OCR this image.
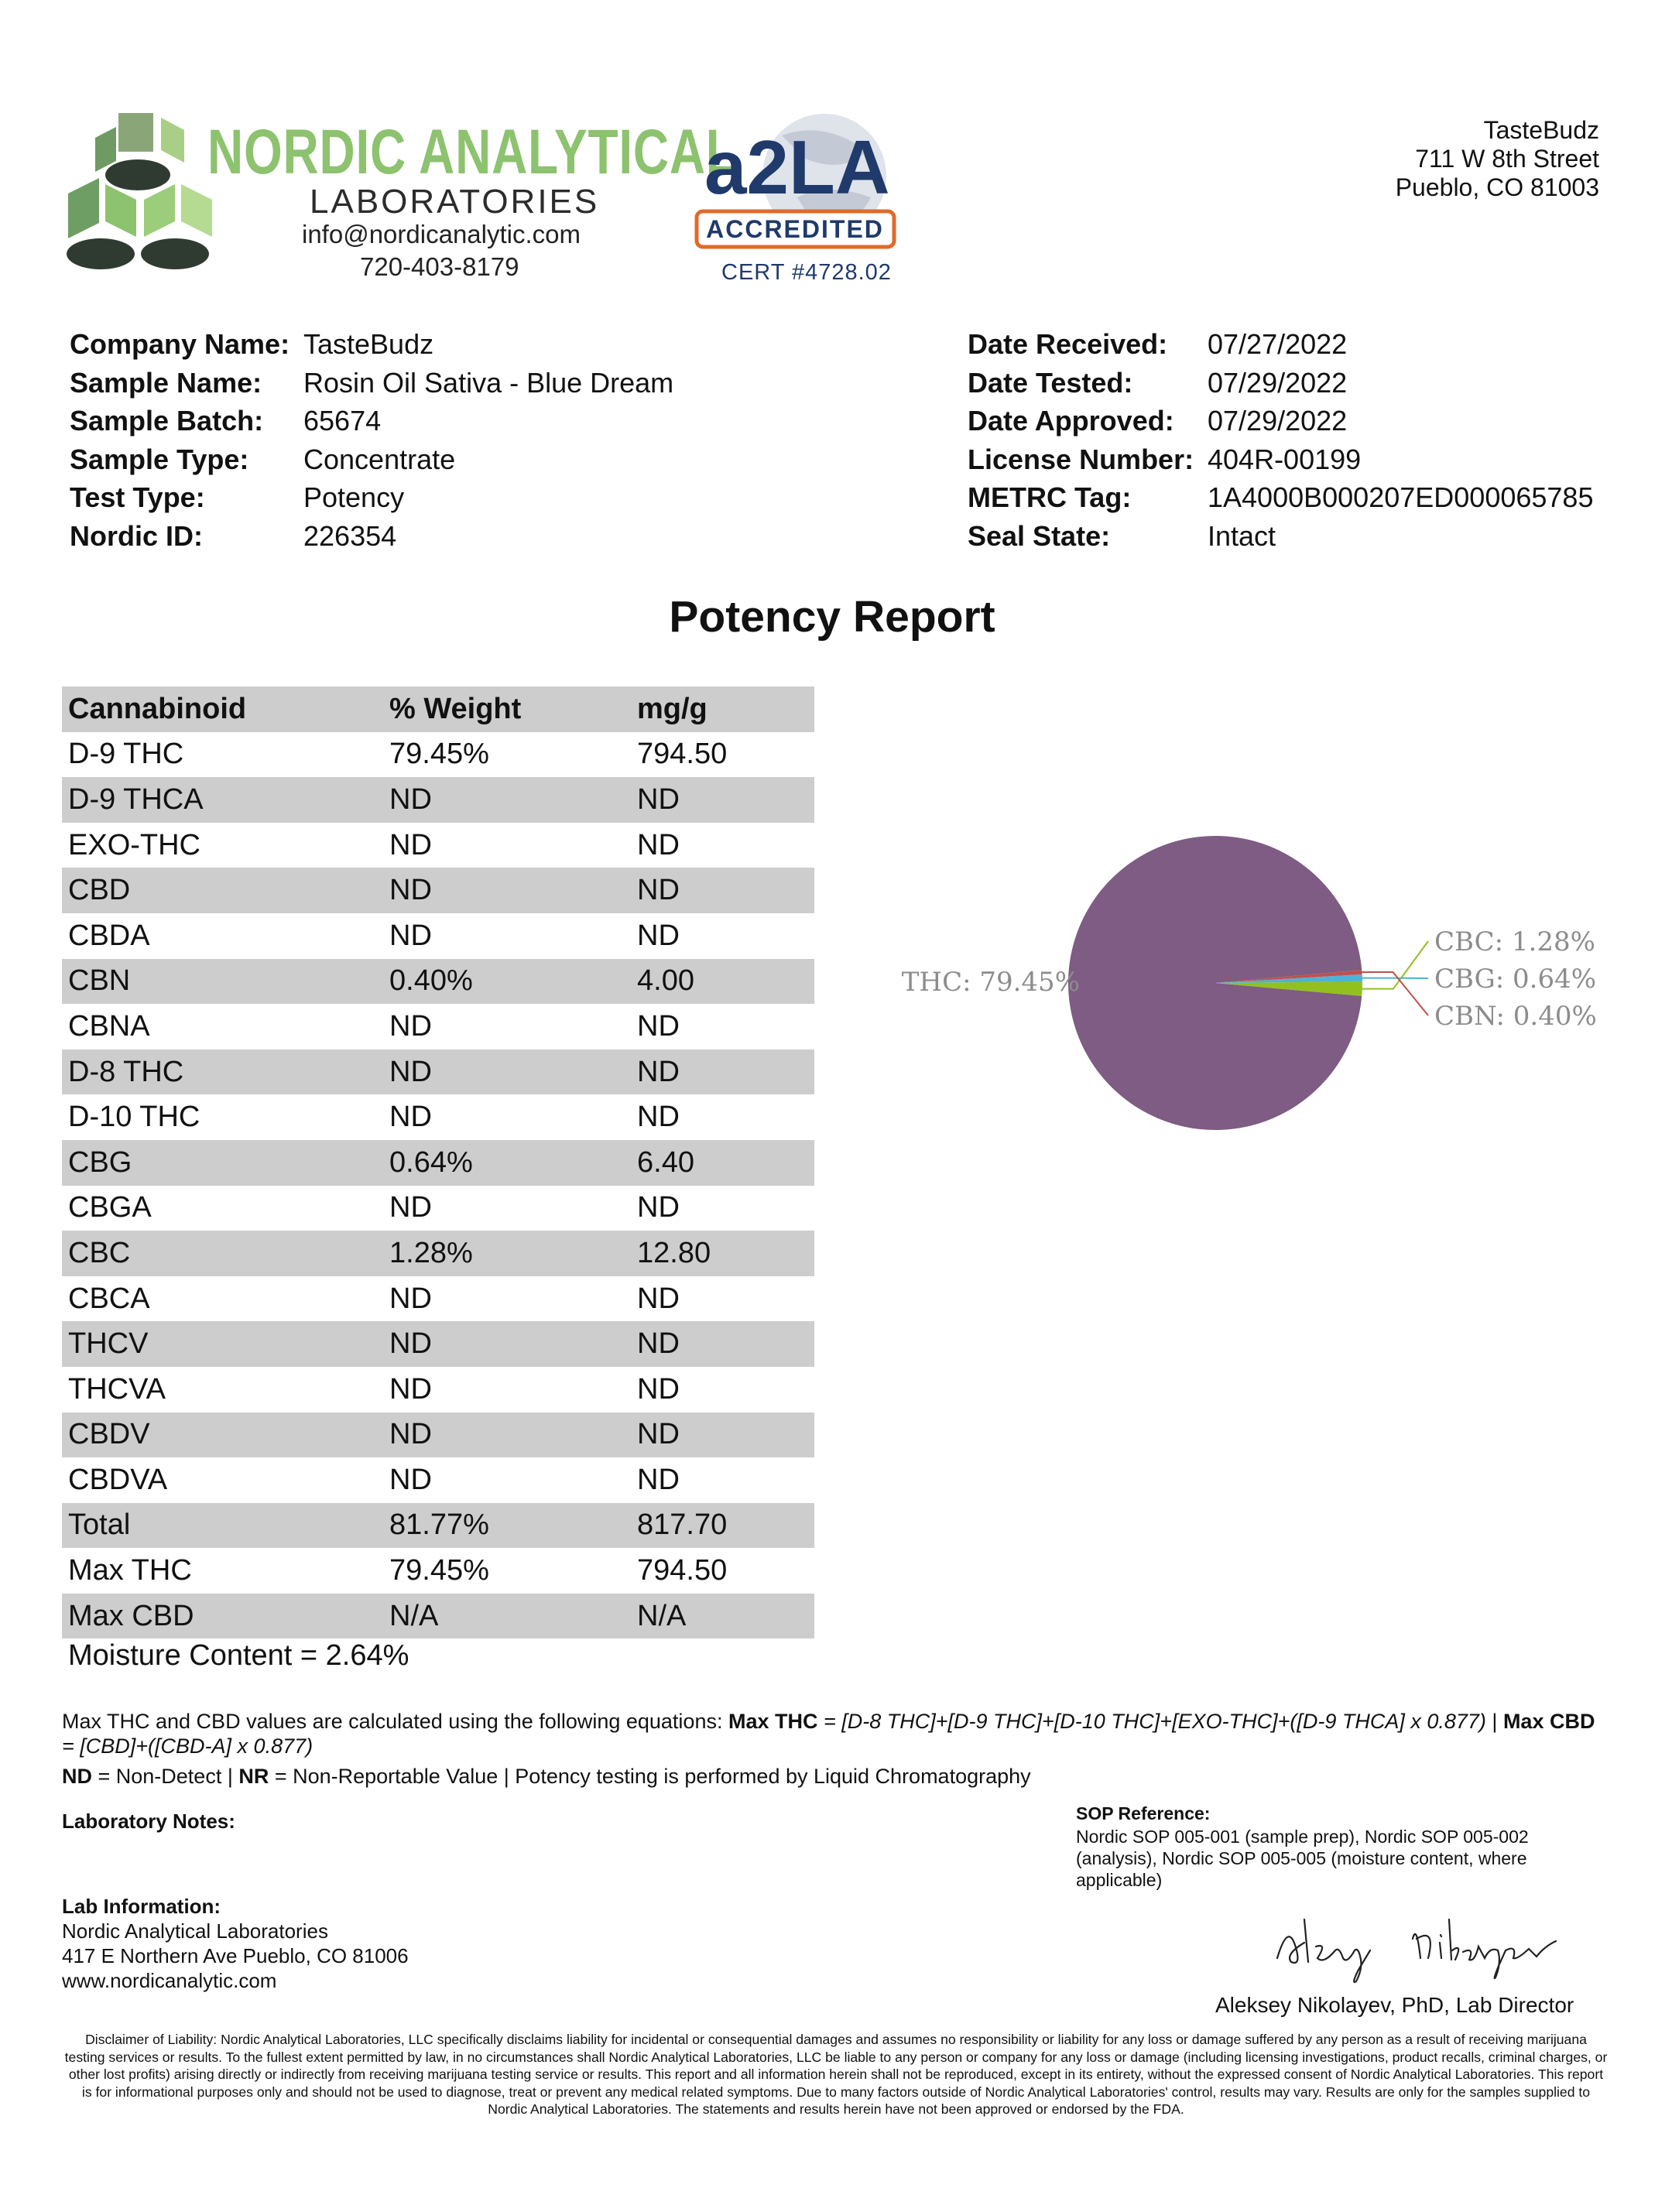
NORDIC ANALYTICAL
LABORATORIES
info@nordicanalytic.com
720-403-8179
a2LA
ACCREDITED
CERT #4728.02
TasteBudz
711 W 8th Street
Pueblo, CO 81003
Company Name: TasteBudz
Sample Name:	Rosin Oil Sativa - Blue Dream
Sample Batch:	65674
Sample Type:	Concentrate
Test Type:	Potency
Nordic ID:	226354
Date Received:	07/27/2022
Date Tested:	07/29/2022
Date Approved:	07/29/2022
License Number: 404R-00199
METRC Tag:	1A4000B000207ED000065785
Seal State:	Intact
Potency Report
Cannabinoid	% Weight	mg/g
D-9 THC	79.45%	794.50
D-9 THCA	ND	ND
EXO-THC	ND	ND
CBD	ND	ND
CBDA	ND	ND
CBN	0.40%	4.00
CBNA	ND	ND
D-8 THC	ND	ND
D-10 THC	ND	ND
CBG	0.64%	6.40
CBGA	ND	ND
CBC	1.28%	12.80
CBCA	ND	ND
THCV	ND	ND
THCVA	ND	ND
CBDV	ND	ND
CBDVA	ND	ND
Total	81.77%	817.70
Max THC	79.45%	794.50
Max CBD	N/A	N/A
Moisture Content = 2.64%
THC: 79.45%
CBC: 1.28%
CBG: 0.64%
CBN: 0.40%
Max THC and CBD values are calculated using the following equations: Max THC = [D-8 THC]+[D-9 THC]+[D-10 THC]+[EXO-THC]+([D-9 THCA] x 0.877) | Max CBD = [CBD]+([CBD-A] x 0.877)
ND = Non-Detect | NR = Non-Reportable Value | Potency testing is performed by Liquid Chromatography
Laboratory Notes:	SOP Reference:
Nordic SOP 005-001 (sample prep), Nordic SOP 005-002 (analysis), Nordic SOP 005-005 (moisture content, where applicable)
Lab Information:
Nordic Analytical Laboratories
417 E Northern Ave Pueblo, CO 81006
www.nordicanalytic.com
Aleksey Nikolayev, PhD, Lab Director
Disclaimer of Liability: Nordic Analytical Laboratories, LLC specifically disclaims liability for incidental or consequential damages and assumes no responsibility or liability for any loss or damage suffered by any person as a result of receiving marijuana testing services or results. To the fullest extent permitted by law, in no circumstances shall Nordic Analytical Laboratories, LLC be liable to any person or company for any loss or damage (including licensing investigations, product recalls, criminal charges, or other lost profits) arising directly or indirectly from receiving marijuana testing service or results. This report and all information herein shall not be reproduced, except in its entirety, without the expressed consent of Nordic Analytical Laboratories. This report is for informational purposes only and should not be used to diagnose, treat or prevent any medical related symptoms. Due to many factors outside of Nordic Analytical Laboratories' control, results may vary. Results are only for the samples supplied to Nordic Analytical Laboratories. The statements and results herein have not been approved or endorsed by the FDA.
